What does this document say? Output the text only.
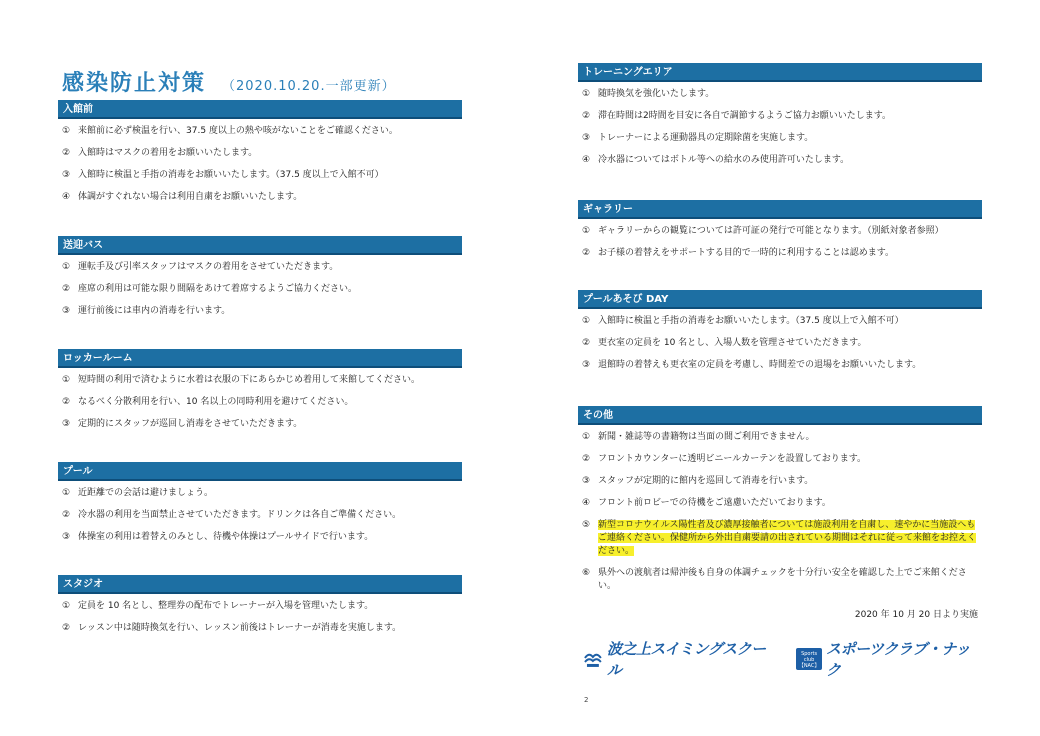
感染防止対策 （2020.10.20.一部更新）
入館前
① 来館前に必ず検温を行い、37.5 度以上の熱や咳がないことをご確認ください。
② 入館時はマスクの着用をお願いいたします。
③ 入館時に検温と手指の消毒をお願いいたします。（37.5 度以上で入館不可）
④ 体調がすぐれない場合は利用自粛をお願いいたします。
送迎バス
① 運転手及び引率スタッフはマスクの着用をさせていただきます。
② 座席の利用は可能な限り間隔をあけて着席するようご協力ください。
③ 運行前後には車内の消毒を行います。
ロッカールーム
① 短時間の利用で済むように水着は衣服の下にあらかじめ着用して来館してください。
② なるべく分散利用を行い、10 名以上の同時利用を避けてください。
③ 定期的にスタッフが巡回し消毒をさせていただきます。
プール
① 近距離での会話は避けましょう。
② 冷水器の利用を当面禁止させていただきます。ドリンクは各自ご準備ください。
③ 体操室の利用は着替えのみとし、待機や体操はプールサイドで行います。
スタジオ
① 定員を 10 名とし、整理券の配布でトレーナーが入場を管理いたします。
② レッスン中は随時換気を行い、レッスン前後はトレーナーが消毒を実施します。
トレーニングエリア
① 随時換気を強化いたします。
② 滞在時間は2時間を目安に各自で調節するようご協力お願いいたします。
③ トレーナーによる運動器具の定期除菌を実施します。
④ 冷水器についてはボトル等への給水のみ使用許可いたします。
ギャラリー
① ギャラリーからの観覧については許可証の発行で可能となります。（別紙対象者参照）
② お子様の着替えをサポートする目的で一時的に利用することは認めます。
プールあそび DAY
① 入館時に検温と手指の消毒をお願いいたします。（37.5 度以上で入館不可）
② 更衣室の定員を 10 名とし、入場人数を管理させていただきます。
③ 退館時の着替えも更衣室の定員を考慮し、時間差での退場をお願いいたします。
その他
① 新聞・雑誌等の書籍物は当面の間ご利用できません。
② フロントカウンターに透明ビニールカーテンを設置しております。
③ スタッフが定期的に館内を巡回して消毒を行います。
④ フロント前ロビーでの待機をご遠慮いただいております。
⑤ 新型コロナウイルス陽性者及び濃厚接触者については施設利用を自粛し、速やかに当施設へもご連絡ください。保健所から外出自粛要請の出されている期間はそれに従って来館をお控えください。
⑥ 県外への渡航者は帰沖後も自身の体調チェックを十分行い安全を確認した上でご来館ください。
2020 年 10 月 20 日より実施
波之上スイミングスクール
Sports club
【NAC】
スポーツクラブ・ナック
2
